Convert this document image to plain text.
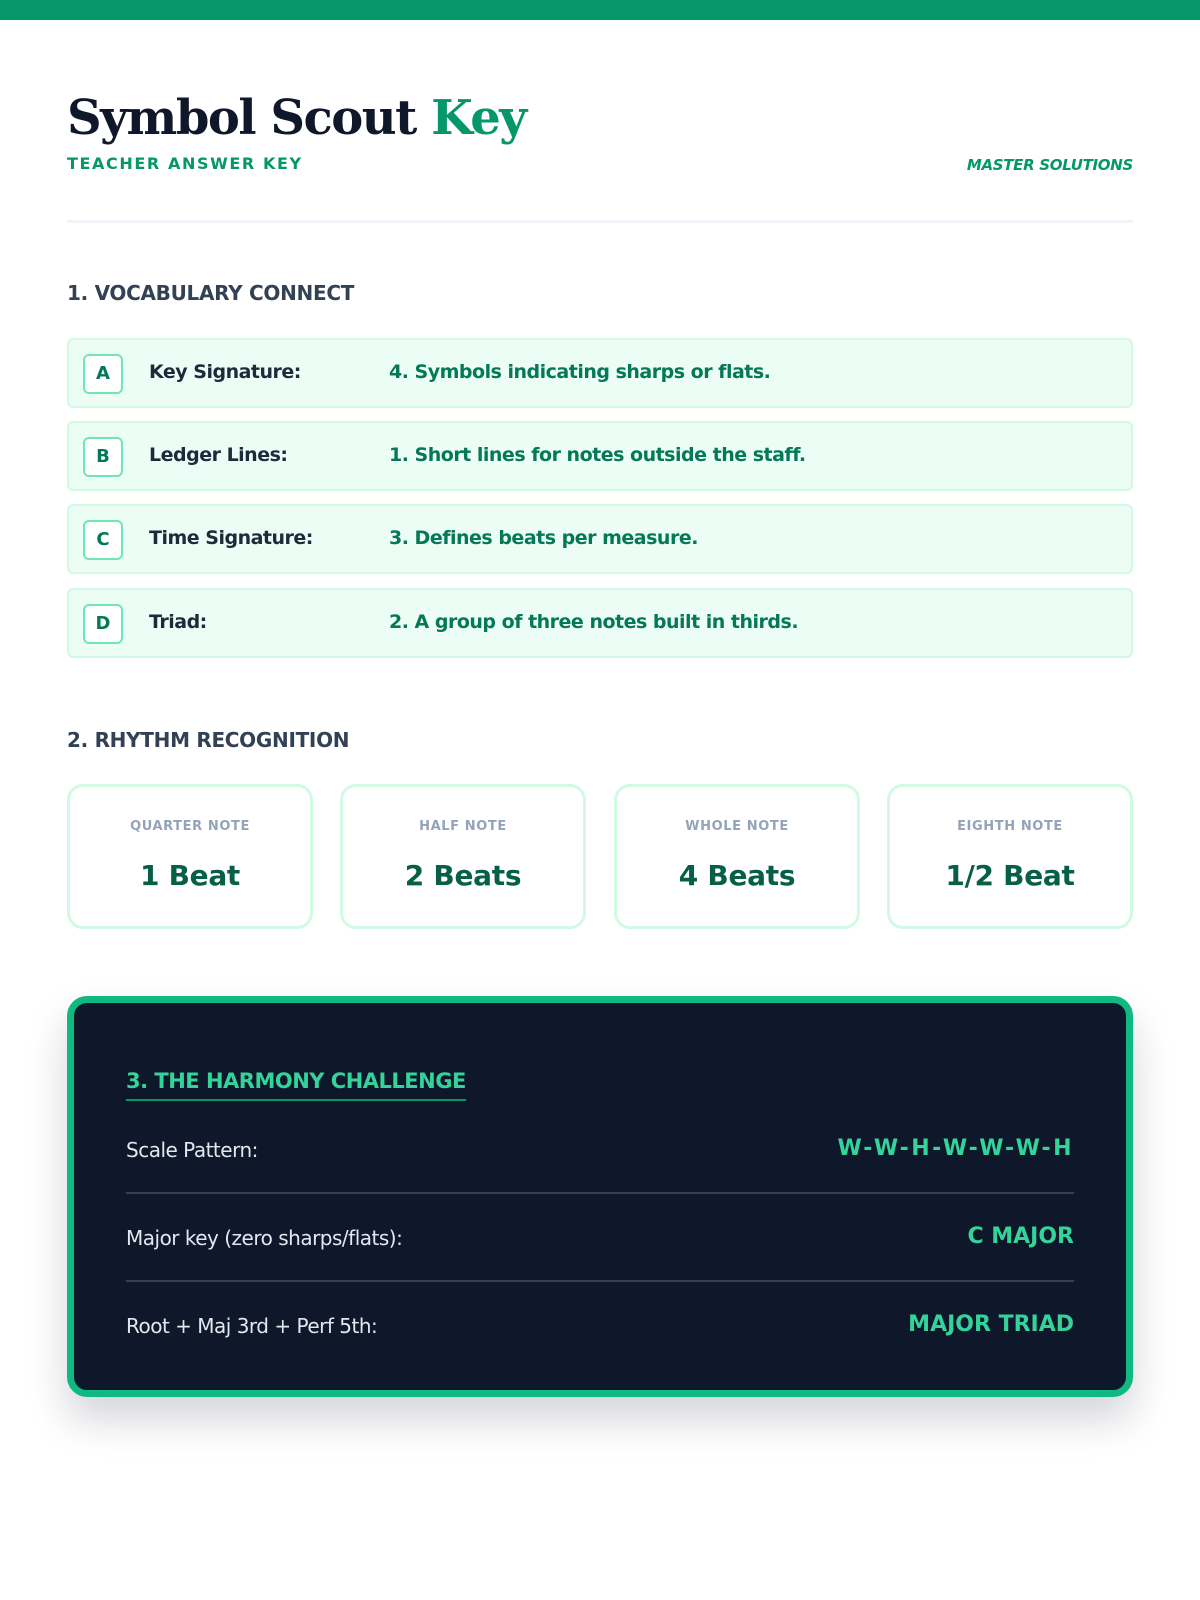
Symbol Scout Key
TEACHER ANSWER KEY	MASTER SOLUTIONS
1. VOCABULARY CONNECT
A	Key Signature:	4. Symbols indicating sharps or flats.
B	Ledger Lines:	1. Short lines for notes outside the staff.
C	Time Signature:	3. Defines beats per measure.
D	Triad:	2. A group of three notes built in thirds.
2. RHYTHM RECOGNITION
QUARTER NOTE
1 Beat
HALF NOTE
2 Beats
WHOLE NOTE
4 Beats
EIGHTH NOTE
1/2 Beat
3. THE HARMONY CHALLENGE
Scale Pattern:	W-W-H-W-W-W-H
Major key (zero sharps/flats):	C MAJOR
Root + Maj 3rd + Perf 5th:	MAJOR TRIAD
